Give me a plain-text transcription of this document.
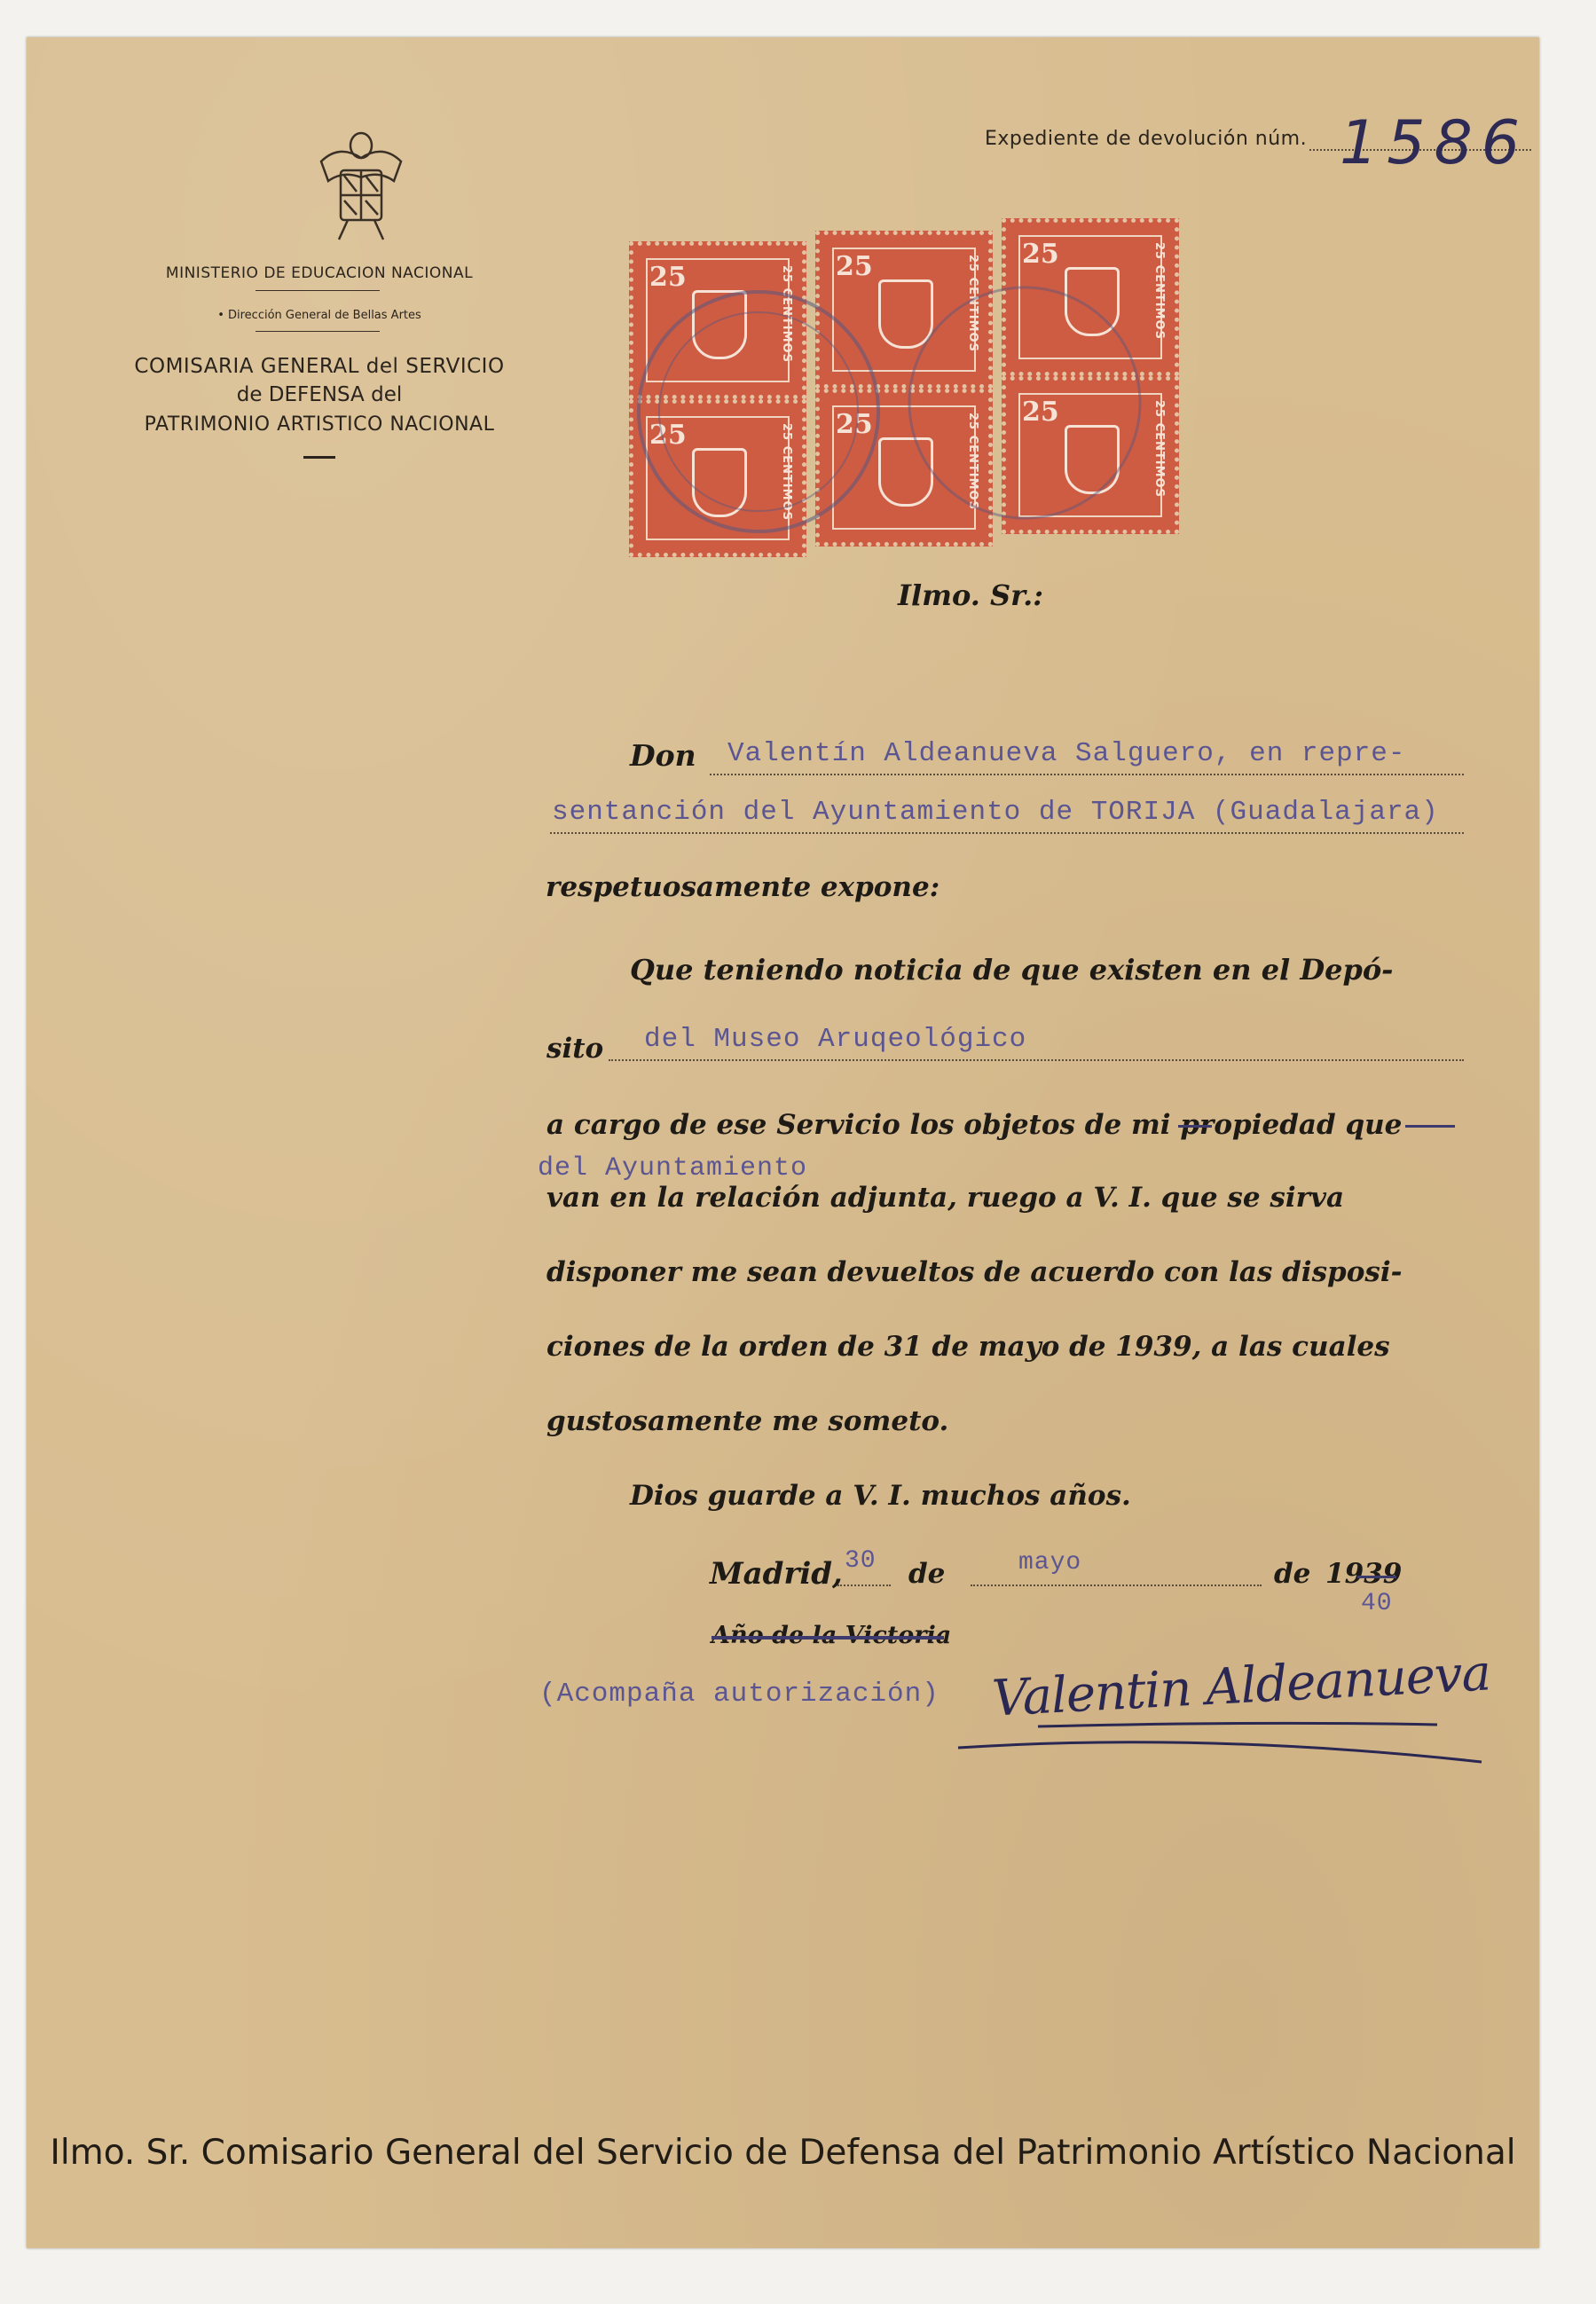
MINISTERIO DE EDUCACION NACIONAL
• Dirección General de Bellas Artes
COMISARIA GENERAL del SERVICIO
de DEFENSA del
PATRIMONIO ARTISTICO NACIONAL
Expediente de devolución núm. 1586
25	25 CENTIMOS 25	25 CENTIMOS
25	25 CENTIMOS
25	25 CENTIMOS 25	25 CENTIMOS
25	25 CENTIMOS
Ilmo. Sr.:
Don Valentín Aldeanueva Salguero, en repre-
sentanción del Ayuntamiento de TORIJA (Guadalajara)
respetuosamente expone:
Que teniendo noticia de que existen en el Depó-
sito del Museo Aruqeológico
a cargo de ese Servicio los objetos de mi propiedad que
del Ayuntamiento
van en la relación adjunta, ruego a V. I. que se sirva
disponer me sean devueltos de acuerdo con las disposi-
ciones de la orden de 31 de mayo de 1939, a las cuales
gustosamente me someto.
Dios guarde a V. I. muchos años.
Madrid, 30 de	mayo	de 1939
40
Año de la Victoria
(Acompaña autorización) Valentin Aldeanueva
Ilmo. Sr. Comisario General del Servicio de Defensa del Patrimonio Artístico Nacional
